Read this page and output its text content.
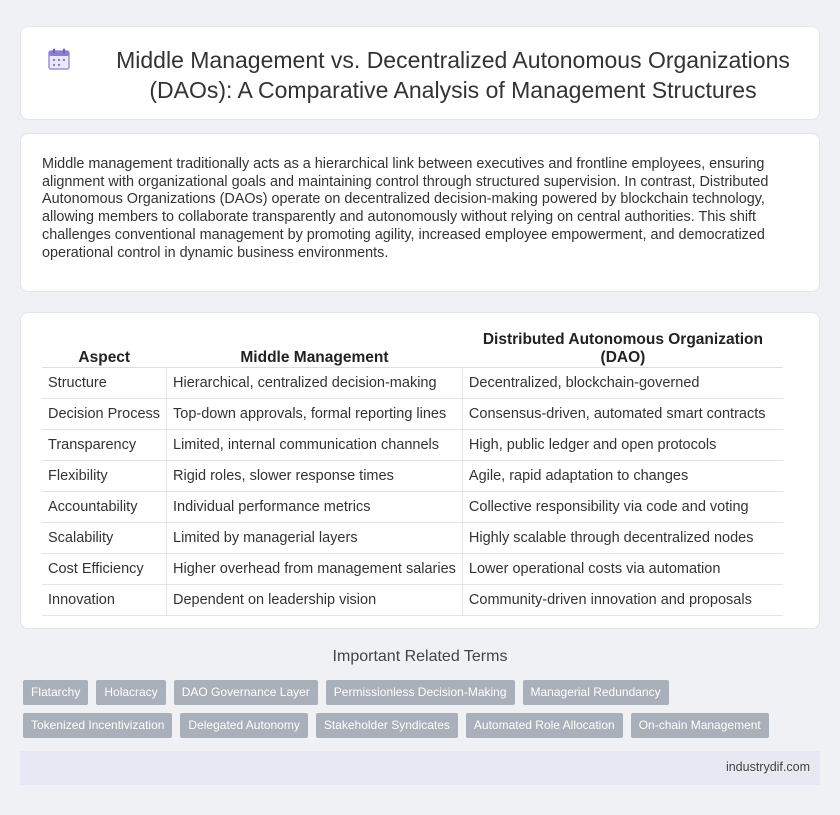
Middle Management vs. Decentralized Autonomous Organizations (DAOs): A Comparative Analysis of Management Structures

Middle management traditionally acts as a hierarchical link between executives and frontline employees, ensuring alignment with organizational goals and maintaining control through structured supervision. In contrast, Distributed Autonomous Organizations (DAOs) operate on decentralized decision-making powered by blockchain technology, allowing members to collaborate transparently and autonomously without relying on central authorities. This shift challenges conventional management by promoting agility, increased employee empowerment, and democratized operational control in dynamic business environments.

Aspect	Middle Management	Distributed Autonomous Organization (DAO)
Structure	Hierarchical, centralized decision-making	Decentralized, blockchain-governed
Decision Process	Top-down approvals, formal reporting lines	Consensus-driven, automated smart contracts
Transparency	Limited, internal communication channels	High, public ledger and open protocols
Flexibility	Rigid roles, slower response times	Agile, rapid adaptation to changes
Accountability	Individual performance metrics	Collective responsibility via code and voting
Scalability	Limited by managerial layers	Highly scalable through decentralized nodes
Cost Efficiency	Higher overhead from management salaries	Lower operational costs via automation
Innovation	Dependent on leadership vision	Community-driven innovation and proposals
Important Related Terms
Flatarchy	Holacracy	DAO Governance Layer	Permissionless Decision-Making	Managerial Redundancy
Tokenized Incentivization	Delegated Autonomy	Stakeholder Syndicates	Automated Role Allocation	On-chain Management
industrydif.com
